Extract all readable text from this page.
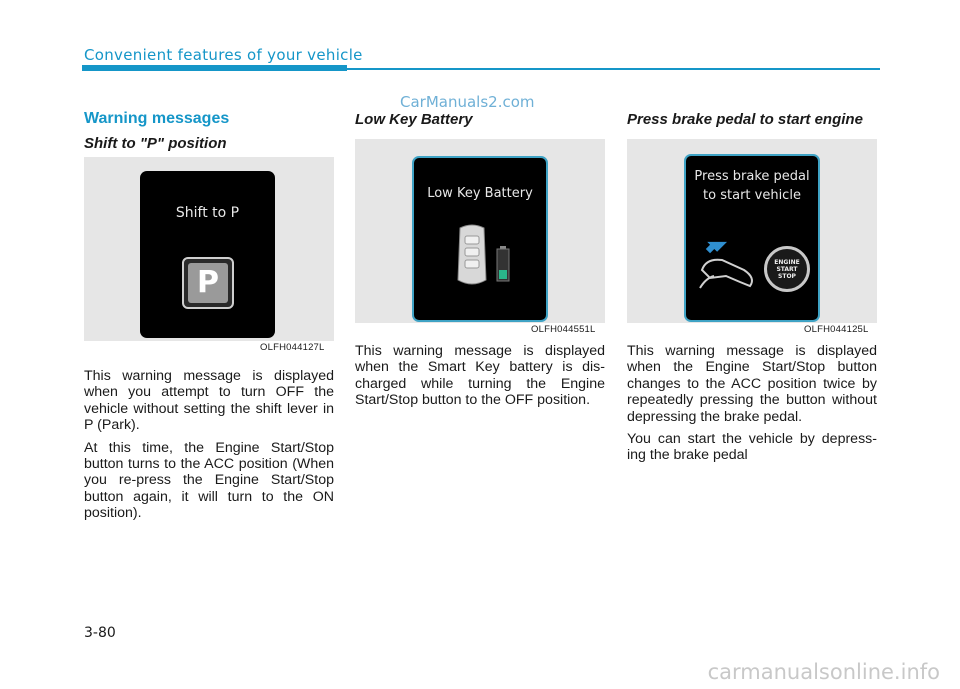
Convenient features of your vehicle
CarManuals2.com
Warning messages
Shift to "P" position
Shift to P
P
OLFH044127L

This warning message is displayed when you attempt to turn OFF the vehicle without setting the shift lever in P (Park).

At this time, the Engine Start/Stop button turns to the ACC position (When you re-press the Engine Start/Stop button again, it will turn to the ON position).

Low Key Battery
Low Key Battery
OLFH044551L

This warning message is displayed when the Smart Key battery is dis-charged while turning the Engine Start/Stop button to the OFF position.

Press brake pedal to start engine
Press brake pedal
to start vehicle
ENGINE
START
STOP
OLFH044125L

This warning message is displayed when the Engine Start/Stop button changes to the ACC position twice by repeatedly pressing the button without depressing the brake pedal.

You can start the vehicle by depress-ing the brake pedal

3-80
carmanualsonline.info
